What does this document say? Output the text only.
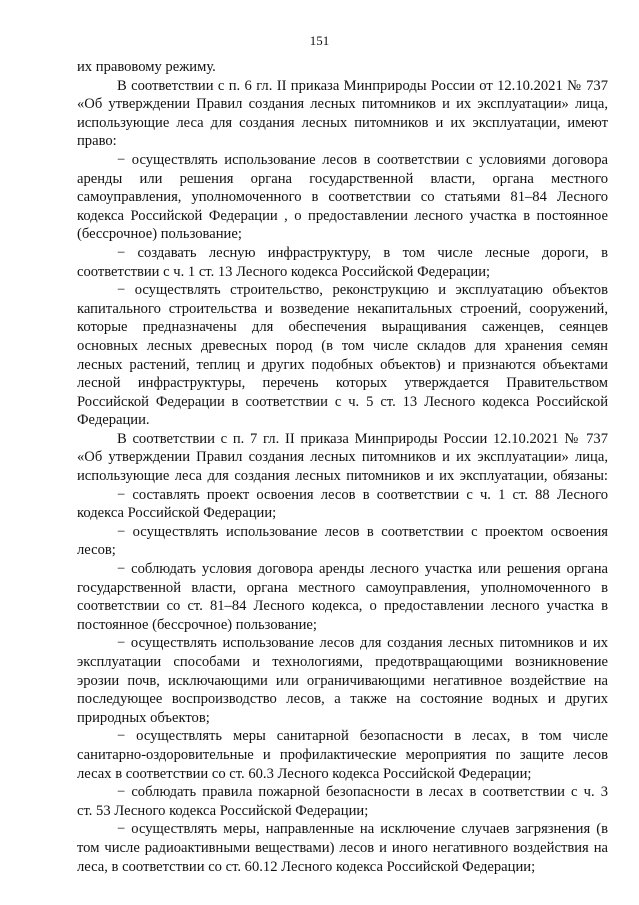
151
их правовому режиму.
В соответствии с п. 6 гл. II приказа Минприроды России от 12.10.2021 № 737
«Об утверждении Правил создания лесных питомников и их эксплуатации» лица,
использующие леса для создания лесных питомников и их эксплуатации, имеют
право:
− осуществлять использование лесов в соответствии с условиями договора
аренды или решения органа государственной власти, органа местного
самоуправления, уполномоченного в соответствии со статьями 81–84 Лесного
кодекса Российской Федерации , о предоставлении лесного участка в постоянное
(бессрочное) пользование;
− создавать лесную инфраструктуру, в том числе лесные дороги, в
соответствии с ч. 1 ст. 13 Лесного кодекса Российской Федерации;
− осуществлять строительство, реконструкцию и эксплуатацию объектов
капитального строительства и возведение некапитальных строений, сооружений,
которые предназначены для обеспечения выращивания саженцев, сеянцев
основных лесных древесных пород (в том числе складов для хранения семян
лесных растений, теплиц и других подобных объектов) и признаются объектами
лесной инфраструктуры, перечень которых утверждается Правительством
Российской Федерации в соответствии с ч. 5 ст. 13 Лесного кодекса Российской
Федерации.
В соответствии с п. 7 гл. II приказа Минприроды России 12.10.2021 № 737
«Об утверждении Правил создания лесных питомников и их эксплуатации» лица,
использующие леса для создания лесных питомников и их эксплуатации, обязаны:
− составлять проект освоения лесов в соответствии с ч. 1 ст. 88 Лесного
кодекса Российской Федерации;
− осуществлять использование лесов в соответствии с проектом освоения
лесов;
− соблюдать условия договора аренды лесного участка или решения органа
государственной власти, органа местного самоуправления, уполномоченного в
соответствии со ст. 81–84 Лесного кодекса, о предоставлении лесного участка в
постоянное (бессрочное) пользование;
− осуществлять использование лесов для создания лесных питомников и их
эксплуатации способами и технологиями, предотвращающими возникновение
эрозии почв, исключающими или ограничивающими негативное воздействие на
последующее воспроизводство лесов, а также на состояние водных и других
природных объектов;
− осуществлять меры санитарной безопасности в лесах, в том числе
санитарно-оздоровительные и профилактические мероприятия по защите лесов
лесах в соответствии со ст. 60.3 Лесного кодекса Российской Федерации;
− соблюдать правила пожарной безопасности в лесах в соответствии с ч. 3
ст. 53 Лесного кодекса Российской Федерации;
− осуществлять меры, направленные на исключение случаев загрязнения (в
том числе радиоактивными веществами) лесов и иного негативного воздействия на
леса, в соответствии со ст. 60.12 Лесного кодекса Российской Федерации;
